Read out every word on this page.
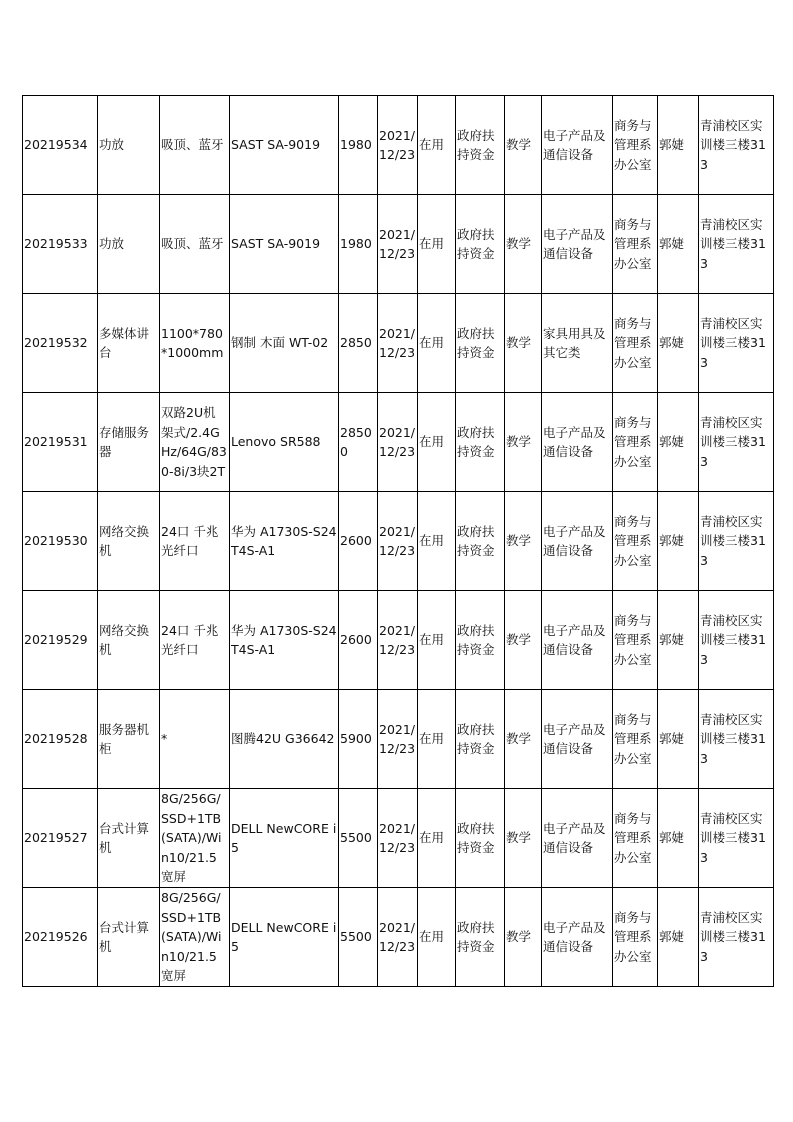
20219534	功放	吸顶、蓝牙	SAST SA-9019	1980	2021/12/23	在用	政府扶持资金	教学	电子产品及通信设备	商务与管理系办公室	郭婕	青浦校区实训楼三楼313

20219533	功放	吸顶、蓝牙	SAST SA-9019	1980	2021/12/23	在用	政府扶持资金	教学	电子产品及通信设备	商务与管理系办公室	郭婕	青浦校区实训楼三楼313

20219532	多媒体讲台	1100*780*1000mm	钢制 木面 WT-02	2850	2021/12/23	在用	政府扶持资金	教学	家具用具及其它类	商务与管理系办公室	郭婕	青浦校区实训楼三楼313

20219531	存储服务器	双路2U机架式/2.4GHz/64G/830-8i/3块2T	Lenovo SR588	28500	2021/12/23	在用	政府扶持资金	教学	电子产品及通信设备	商务与管理系办公室	郭婕	青浦校区实训楼三楼313

20219530	网络交换机	24口 千兆光纤口	华为 A1730S-S24T4S-A1	2600	2021/12/23	在用	政府扶持资金	教学	电子产品及通信设备	商务与管理系办公室	郭婕	青浦校区实训楼三楼313

20219529	网络交换机	24口 千兆光纤口	华为 A1730S-S24T4S-A1	2600	2021/12/23	在用	政府扶持资金	教学	电子产品及通信设备	商务与管理系办公室	郭婕	青浦校区实训楼三楼313

20219528	服务器机柜	*	图腾42U G36642	5900	2021/12/23	在用	政府扶持资金	教学	电子产品及通信设备	商务与管理系办公室	郭婕	青浦校区实训楼三楼313

20219527	台式计算机	8G/256G/SSD+1TB(SATA)/Win10/21.5宽屏	DELL NewCORE i5	5500	2021/12/23	在用	政府扶持资金	教学	电子产品及通信设备	商务与管理系办公室	郭婕	青浦校区实训楼三楼313

20219526	台式计算机	8G/256G/SSD+1TB(SATA)/Win10/21.5宽屏	DELL NewCORE i5	5500	2021/12/23	在用	政府扶持资金	教学	电子产品及通信设备	商务与管理系办公室	郭婕	青浦校区实训楼三楼313
